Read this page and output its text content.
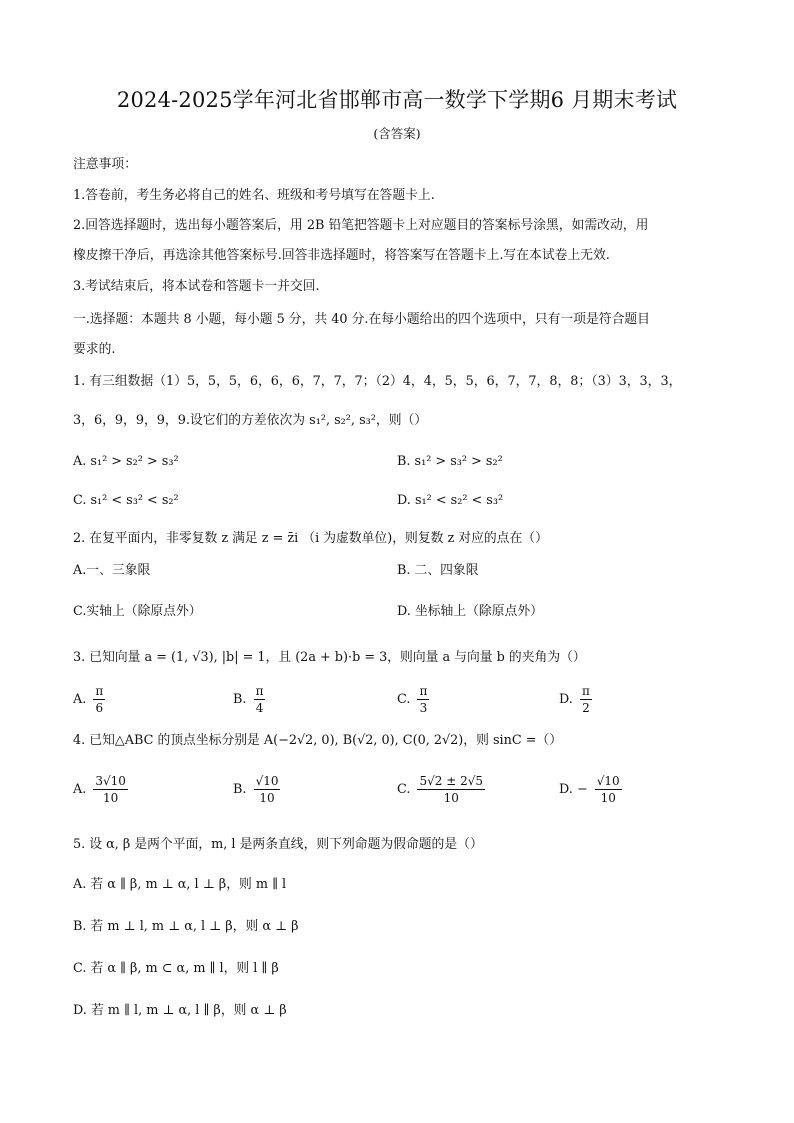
2024-2025学年河北省邯郸市高一数学下学期6 月期末考试
(含答案)
注意事项：
1.答卷前，考生务必将自己的姓名、班级和考号填写在答题卡上.
2.回答选择题时，选出每小题答案后，用 2B 铅笔把答题卡上对应题目的答案标号涂黑，如需改动，用
橡皮擦干净后，再选涂其他答案标号.回答非选择题时，将答案写在答题卡上.写在本试卷上无效.
3.考试结束后，将本试卷和答题卡一并交回.
一.选择题：本题共 8 小题，每小题 5 分，共 40 分.在每小题给出的四个选项中，只有一项是符合题目
要求的.
1. 有三组数据（1）5，5，5，6，6，6，7，7，7；（2）4，4，5，5，6，7，7，8，8；（3）3，3，3，
3，6，9，9，9，9.设它们的方差依次为 s₁², s₂², s₃²，则（）
A. s₁² > s₂² > s₃²	B. s₁² > s₃² > s₂²
C. s₁² < s₃² < s₂²	D. s₁² < s₂² < s₃²
2. 在复平面内，非零复数 z 满足 z = z̄i （i 为虚数单位)，则复数 z 对应的点在（）
A.一、三象限	B. 二、四象限
C.实轴上（除原点外）	D. 坐标轴上（除原点外）
3. 已知向量 a = (1, √3), |b| = 1，且 (2a + b)·b = 3，则向量 a 与向量 b 的夹角为（）
A. $\frac{\pi}{6}$	B. $\frac{\pi}{4}$	C. $\frac{\pi}{3}$	D. $\frac{\pi}{2}$
4. 已知△ABC 的顶点坐标分别是 A(−2√2, 0), B(√2, 0), C(0, 2√2)，则 sinC =（）
A. $\frac{3√10}{10}$	B. $\frac{√10}{10}$	C. $\frac{5√2 \pm 2√5}{10}$	D. − $\frac{√10}{10}$
5. 设 α, β 是两个平面，m, l 是两条直线，则下列命题为假命题的是（）
A. 若 α ∥ β, m ⊥ α, l ⊥ β，则 m ∥ l
B. 若 m ⊥ l, m ⊥ α, l ⊥ β，则 α ⊥ β
C. 若 α ∥ β, m ⊂ α, m ∥ l，则 l ∥ β
D. 若 m ∥ l, m ⊥ α, l ∥ β，则 α ⊥ β
